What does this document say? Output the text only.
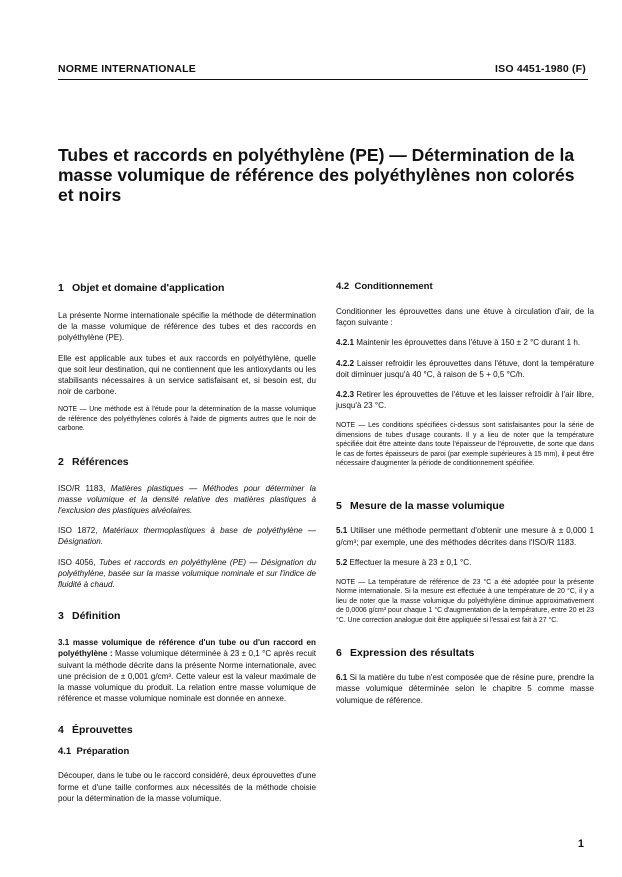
NORME INTERNATIONALE	ISO 4451-1980 (F)
Tubes et raccords en polyéthylène (PE) — Détermination de la masse volumique de référence des polyéthylènes non colorés et noirs

1 Objet et domaine d'application

La présente Norme internationale spécifie la méthode de détermination de la masse volumique de référence des tubes et des raccords en polyéthylène (PE).

Elle est applicable aux tubes et aux raccords en polyéthylène, quelle que soit leur destination, qui ne contiennent que les antioxydants ou les stabilisants nécessaires à un service satisfaisant et, si besoin est, du noir de carbone.

NOTE — Une méthode est à l'étude pour la détermination de la masse volumique de référence des polyéthylènes colorés à l'aide de pigments autres que le noir de carbone.

2 Références

ISO/R 1183, Matières plastiques — Méthodes pour déterminer la masse volumique et la densité relative des matières plastiques à l'exclusion des plastiques alvéolaires.

ISO 1872, Matériaux thermoplastiques à base de polyéthylène — Désignation.

ISO 4056, Tubes et raccords en polyéthylène (PE) — Désignation du polyéthylène, basée sur la masse volumique nominale et sur l'indice de fluidité à chaud.

3 Définition

3.1 masse volumique de référence d'un tube ou d'un raccord en polyéthylène : Masse volumique déterminée à 23 ± 0,1 °C après recuit suivant la méthode décrite dans la présente Norme internationale, avec une précision de ± 0,001 g/cm³. Cette valeur est la valeur maximale de la masse volumique du produit. La relation entre masse volumique de référence et masse volumique nominale est donnée en annexe.

4 Éprouvettes

4.1 Préparation

Découper, dans le tube ou le raccord considéré, deux éprouvettes d'une forme et d'une taille conformes aux nécessités de la méthode choisie pour la détermination de la masse volumique.

4.2 Conditionnement

Conditionner les éprouvettes dans une étuve à circulation d'air, de la façon suivante :

4.2.1 Maintenir les éprouvettes dans l'étuve à 150 ± 2 °C durant 1 h.

4.2.2 Laisser refroidir les éprouvettes dans l'étuve, dont la température doit diminuer jusqu'à 40 °C, à raison de 5 + 0,5 °C/h.

4.2.3 Retirer les éprouvettes de l'étuve et les laisser refroidir à l'air libre, jusqu'à 23 °C.

NOTE — Les conditions spécifiées ci-dessus sont satisfaisantes pour la série de dimensions de tubes d'usage courants. Il y a lieu de noter que la température spécifiée doit être atteinte dans toute l'épaisseur de l'éprouvette, de sorte que dans le cas de fortes épaisseurs de paroi (par exemple supérieures à 15 mm), il peut être nécessaire d'augmenter la période de conditionnement spécifiée.

5 Mesure de la masse volumique

5.1 Utiliser une méthode permettant d'obtenir une mesure à ± 0,000 1 g/cm³; par exemple, une des méthodes décrites dans l'ISO/R 1183.

5.2 Effectuer la mesure à 23 ± 0,1 °C.

NOTE — La température de référence de 23 °C a été adoptée pour la présente Norme internationale. Si la mesure est effectuée à une température de 20 °C, il y a lieu de noter que la masse volumique du polyéthylène diminue approximativement de 0,0006 g/cm³ pour chaque 1 °C d'augmentation de la température, entre 20 et 23 °C. Une correction analogue doit être appliquée si l'essai est fait à 27 °C.

6 Expression des résultats

6.1 Si la matière du tube n'est composée que de résine pure, prendre la masse volumique déterminée selon le chapitre 5 comme masse volumique de référence.

1
